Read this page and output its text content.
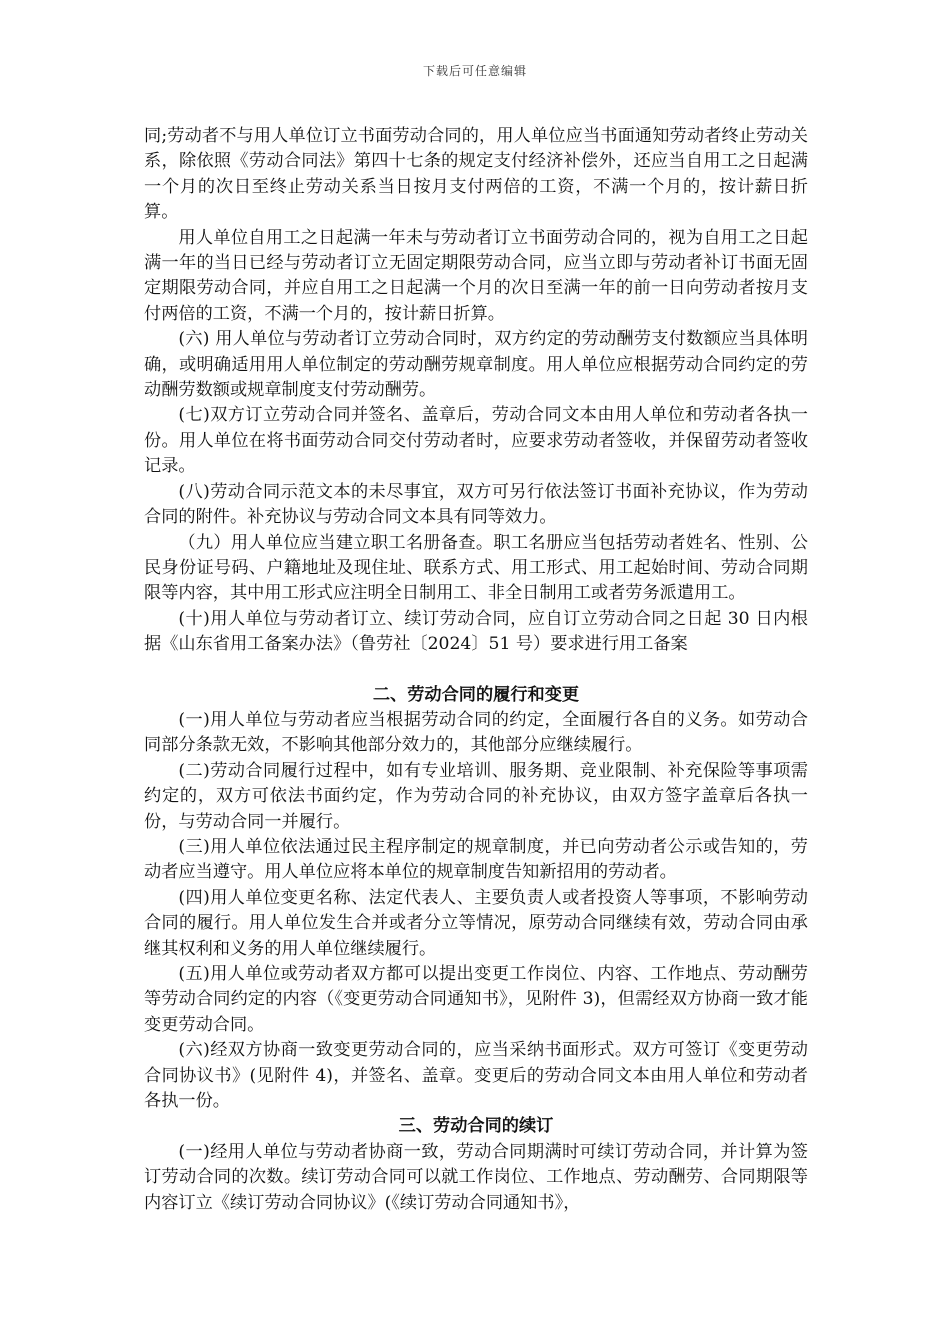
下载后可任意编辑

同;劳动者不与用人单位订立书面劳动合同的，用人单位应当书面通知劳动者终止劳动关系，除依照《劳动合同法》第四十七条的规定支付经济补偿外，还应当自用工之日起满一个月的次日至终止劳动关系当日按月支付两倍的工资，不满一个月的，按计薪日折算。

用人单位自用工之日起满一年未与劳动者订立书面劳动合同的，视为自用工之日起满一年的当日已经与劳动者订立无固定期限劳动合同，应当立即与劳动者补订书面无固定期限劳动合同，并应自用工之日起满一个月的次日至满一年的前一日向劳动者按月支付两倍的工资，不满一个月的，按计薪日折算。

(六) 用人单位与劳动者订立劳动合同时，双方约定的劳动酬劳支付数额应当具体明确，或明确适用用人单位制定的劳动酬劳规章制度。用人单位应根据劳动合同约定的劳动酬劳数额或规章制度支付劳动酬劳。

(七)双方订立劳动合同并签名、盖章后，劳动合同文本由用人单位和劳动者各执一份。用人单位在将书面劳动合同交付劳动者时，应要求劳动者签收，并保留劳动者签收记录。

(八)劳动合同示范文本的未尽事宜，双方可另行依法签订书面补充协议，作为劳动合同的附件。补充协议与劳动合同文本具有同等效力。

（九）用人单位应当建立职工名册备查。职工名册应当包括劳动者姓名、性别、公民身份证号码、户籍地址及现住址、联系方式、用工形式、用工起始时间、劳动合同期限等内容，其中用工形式应注明全日制用工、非全日制用工或者劳务派遣用工。

(十)用人单位与劳动者订立、续订劳动合同，应自订立劳动合同之日起 30 日内根据《山东省用工备案办法》（鲁劳社〔2024〕51 号）要求进行用工备案

二、劳动合同的履行和变更

(一)用人单位与劳动者应当根据劳动合同的约定，全面履行各自的义务。如劳动合同部分条款无效，不影响其他部分效力的，其他部分应继续履行。

(二)劳动合同履行过程中，如有专业培训、服务期、竞业限制、补充保险等事项需约定的，双方可依法书面约定，作为劳动合同的补充协议，由双方签字盖章后各执一份，与劳动合同一并履行。

(三)用人单位依法通过民主程序制定的规章制度，并已向劳动者公示或告知的，劳动者应当遵守。用人单位应将本单位的规章制度告知新招用的劳动者。

(四)用人单位变更名称、法定代表人、主要负责人或者投资人等事项，不影响劳动合同的履行。用人单位发生合并或者分立等情况，原劳动合同继续有效，劳动合同由承继其权利和义务的用人单位继续履行。

(五)用人单位或劳动者双方都可以提出变更工作岗位、内容、工作地点、劳动酬劳等劳动合同约定的内容（《变更劳动合同通知书》，见附件 3)，但需经双方协商一致才能变更劳动合同。

(六)经双方协商一致变更劳动合同的，应当采纳书面形式。双方可签订《变更劳动合同协议书》(见附件 4)，并签名、盖章。变更后的劳动合同文本由用人单位和劳动者各执一份。

三、劳动合同的续订

(一)经用人单位与劳动者协商一致，劳动合同期满时可续订劳动合同，并计算为签订劳动合同的次数。续订劳动合同可以就工作岗位、工作地点、劳动酬劳、合同期限等内容订立《续订劳动合同协议》(《续订劳动合同通知书》，
